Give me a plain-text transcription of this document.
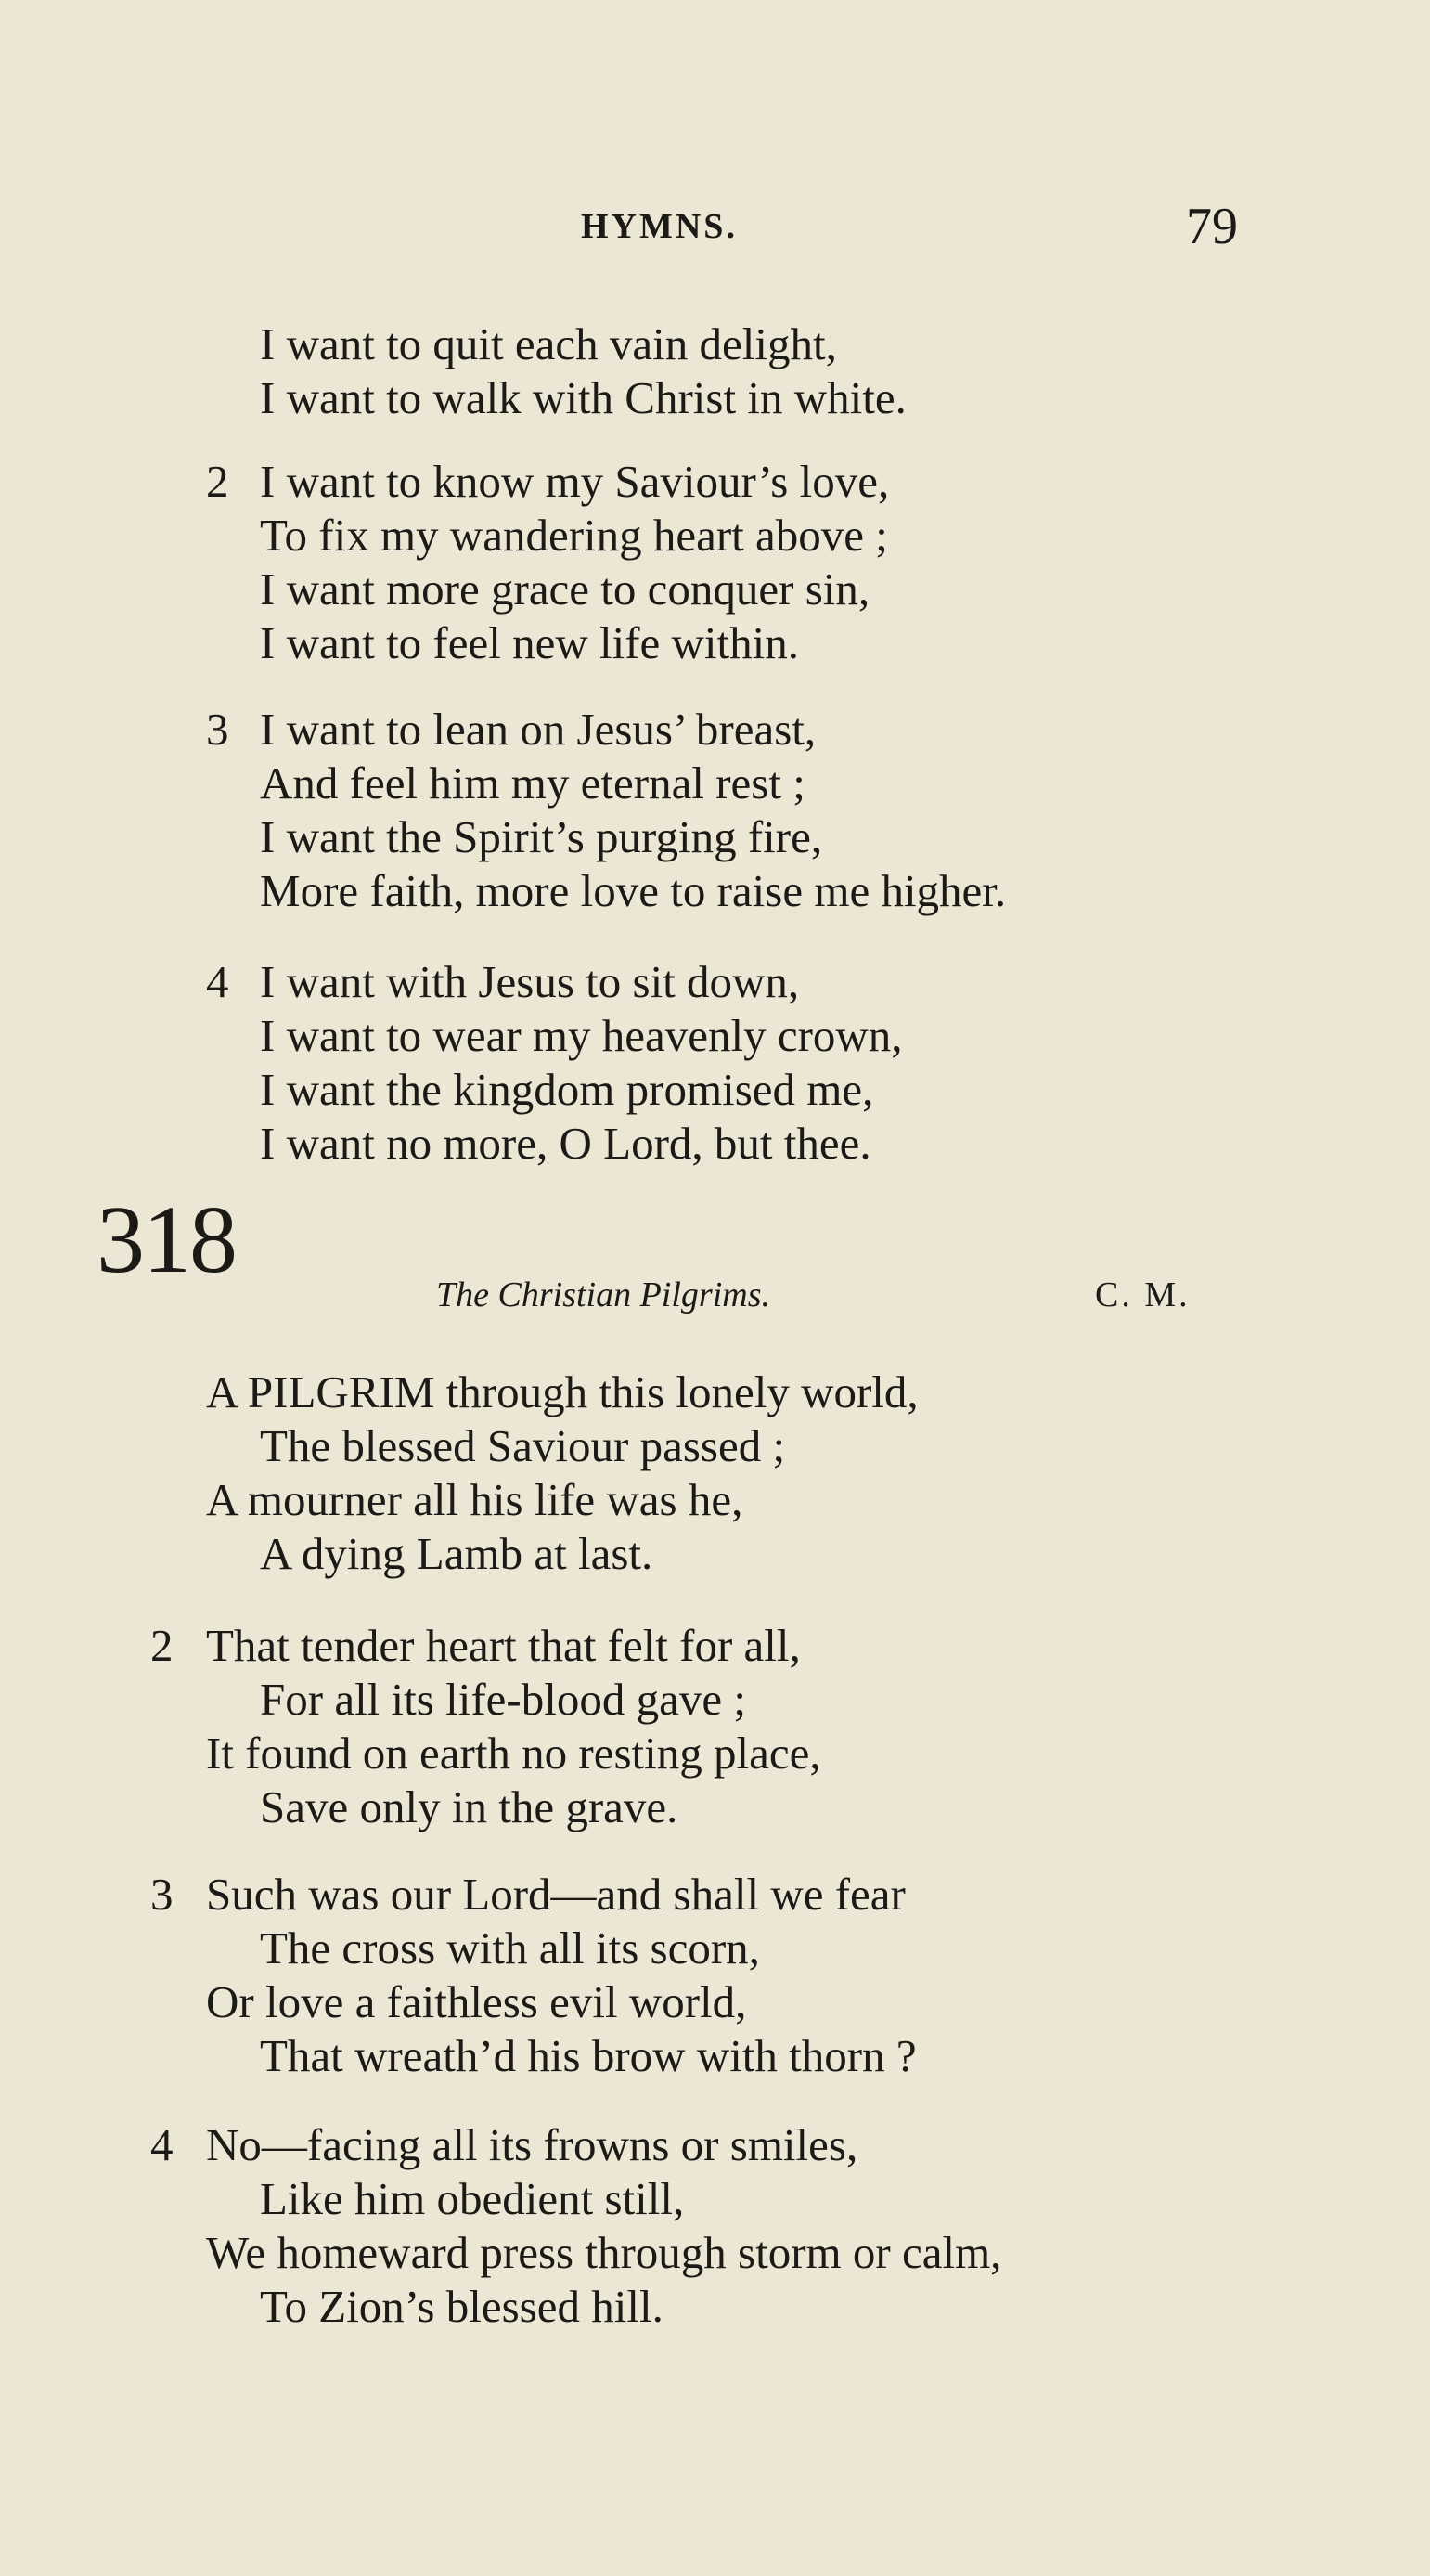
HYMNS.	79
I want to quit each vain delight,
I want to walk with Christ in white.
2 I want to know my Saviour’s love,
To fix my wandering heart above ;
I want more grace to conquer sin,
I want to feel new life within.
3 I want to lean on Jesus’ breast,
And feel him my eternal rest ;
I want the Spirit’s purging fire,
More faith, more love to raise me higher.
4 I want with Jesus to sit down,
I want to wear my heavenly crown,
I want the kingdom promised me,
I want no more, O Lord, but thee.
318
The Christian Pilgrims.	C. M.
A PILGRIM through this lonely world,
The blessed Saviour passed ;
A mourner all his life was he,
A dying Lamb at last.
2 That tender heart that felt for all,
For all its life-blood gave ;
It found on earth no resting place,
Save only in the grave.
3 Such was our Lord—and shall we fear
The cross with all its scorn,
Or love a faithless evil world,
That wreath’d his brow with thorn ?
4 No—facing all its frowns or smiles,
Like him obedient still,
We homeward press through storm or calm,
To Zion’s blessed hill.
